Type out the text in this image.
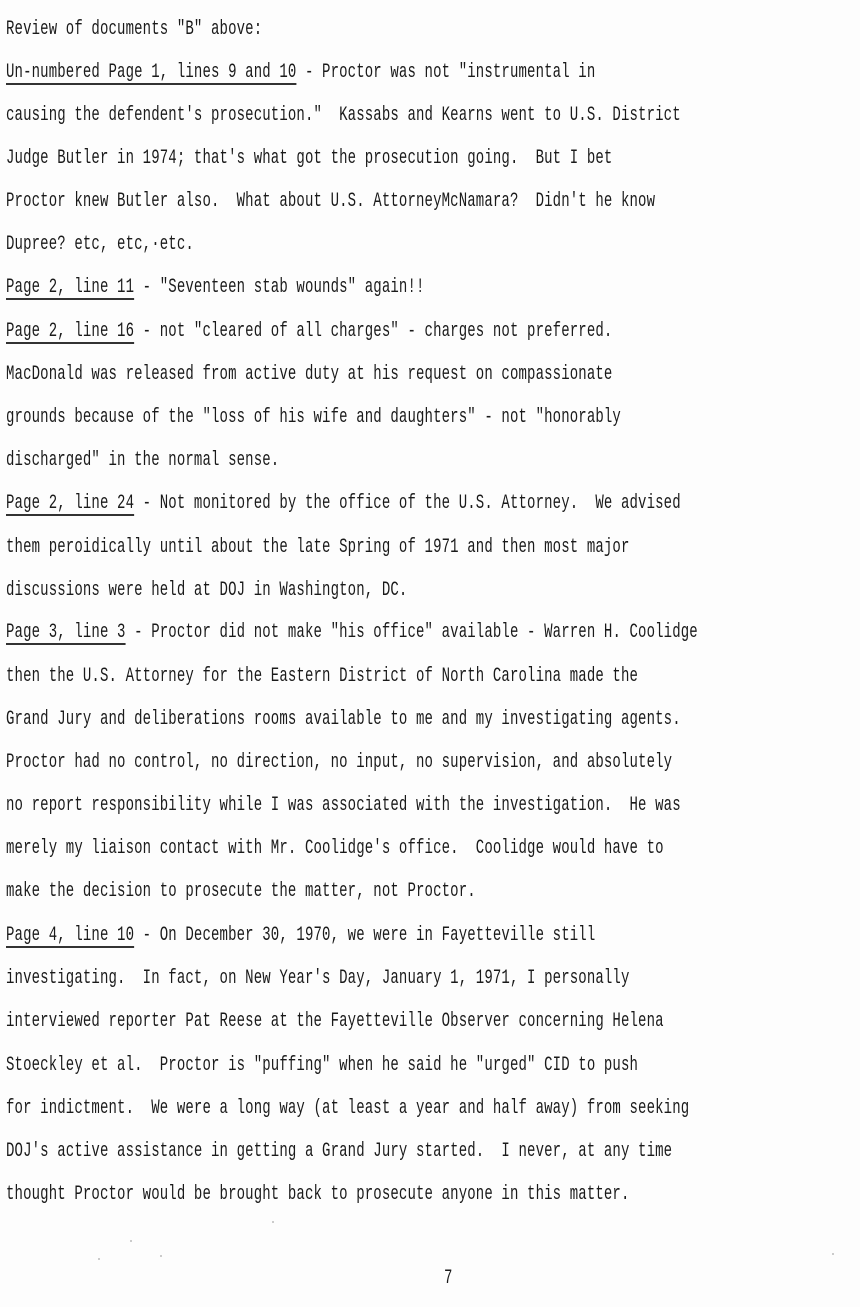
Review of documents "B" above:
Un-numbered Page 1, lines 9 and 10 - Proctor was not "instrumental in
causing the defendent's prosecution."  Kassabs and Kearns went to U.S. District
Judge Butler in 1974; that's what got the prosecution going.  But I bet
Proctor knew Butler also.  What about U.S. AttorneyMcNamara?  Didn't he know
Dupree? etc, etc,·etc.
Page 2, line 11 - "Seventeen stab wounds" again!!
Page 2, line 16 - not "cleared of all charges" - charges not preferred.
MacDonald was released from active duty at his request on compassionate
grounds because of the "loss of his wife and daughters" - not "honorably
discharged" in the normal sense.
Page 2, line 24 - Not monitored by the office of the U.S. Attorney.  We advised
them peroidically until about the late Spring of 1971 and then most major
discussions were held at DOJ in Washington, DC.
Page 3, line 3 - Proctor did not make "his office" available - Warren H. Coolidge
then the U.S. Attorney for the Eastern District of North Carolina made the
Grand Jury and deliberations rooms available to me and my investigating agents.
Proctor had no control, no direction, no input, no supervision, and absolutely
no report responsibility while I was associated with the investigation.  He was
merely my liaison contact with Mr. Coolidge's office.  Coolidge would have to
make the decision to prosecute the matter, not Proctor.
Page 4, line 10 - On December 30, 1970, we were in Fayetteville still
investigating.  In fact, on New Year's Day, January 1, 1971, I personally
interviewed reporter Pat Reese at the Fayetteville Observer concerning Helena
Stoeckley et al.  Proctor is "puffing" when he said he "urged" CID to push
for indictment.  We were a long way (at least a year and half away) from seeking
DOJ's active assistance in getting a Grand Jury started.  I never, at any time
thought Proctor would be brought back to prosecute anyone in this matter.
7
